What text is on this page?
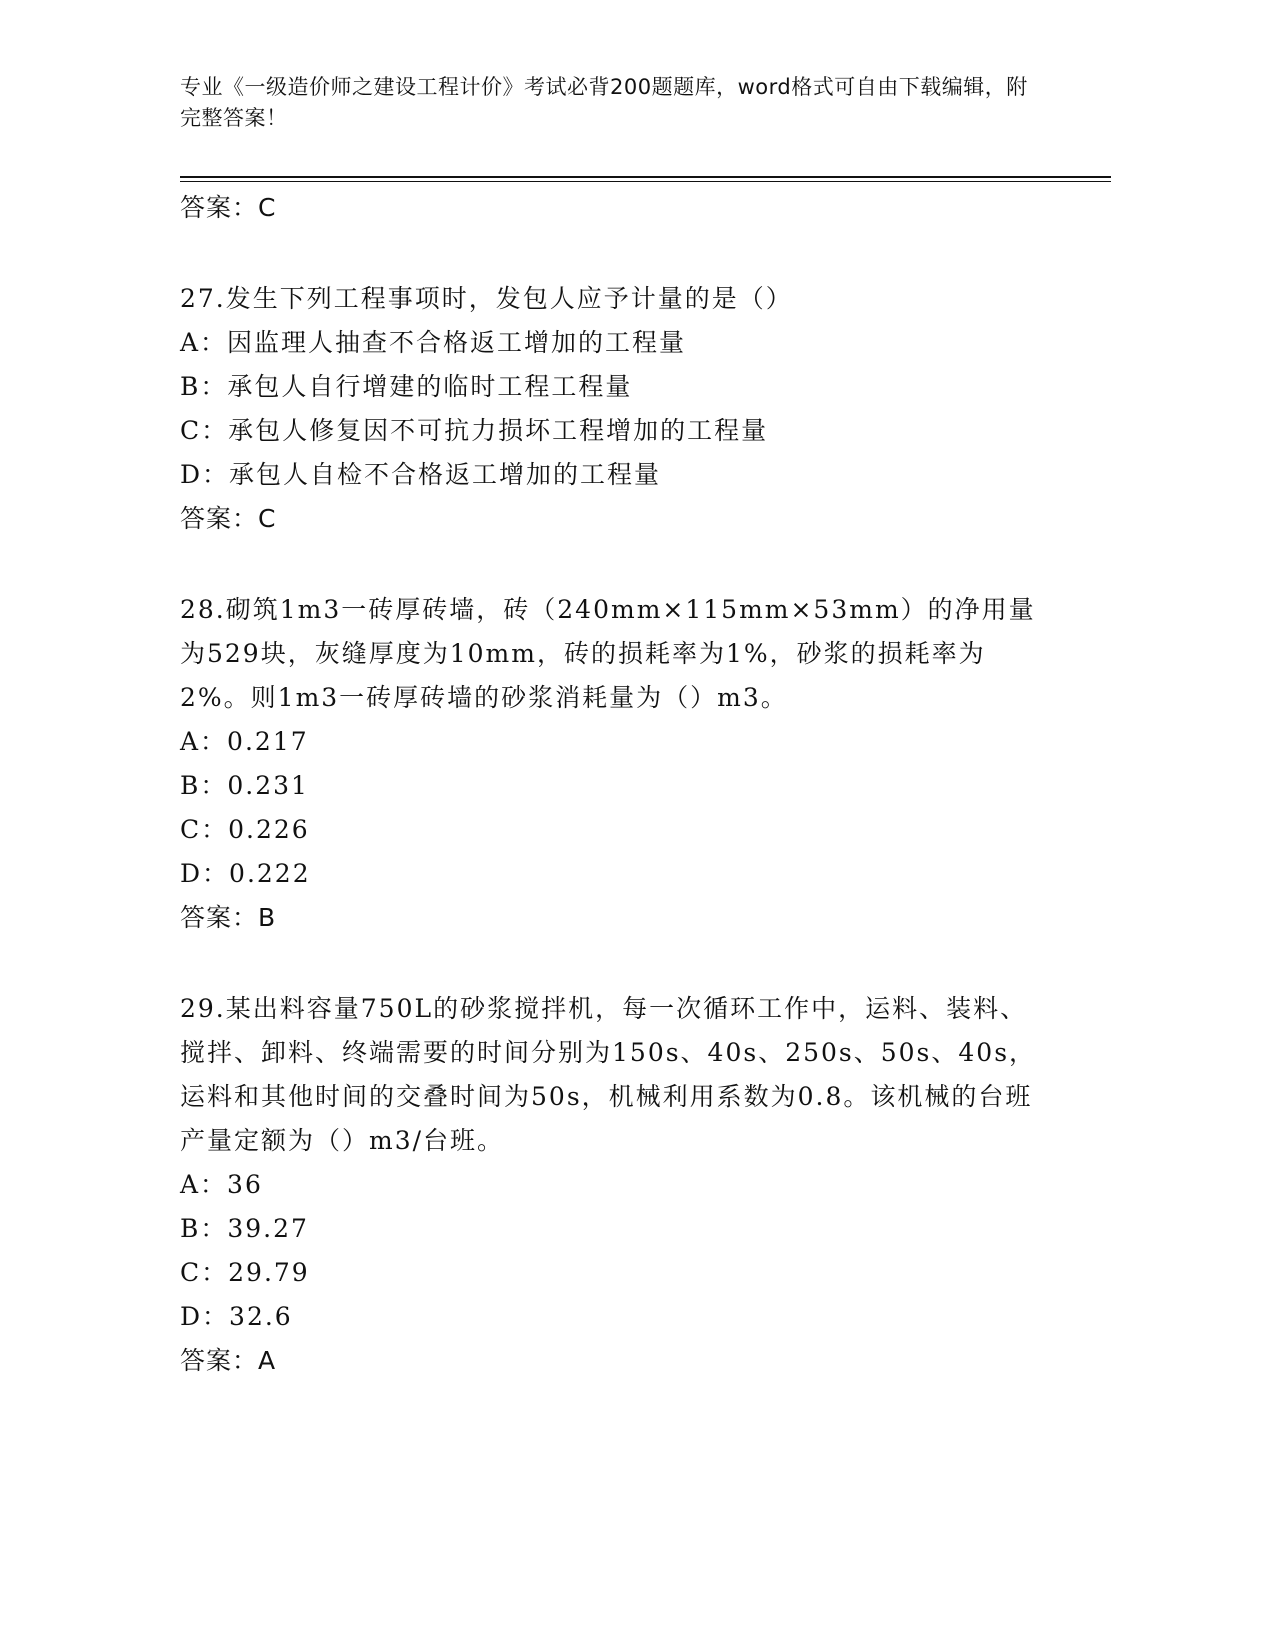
专业《一级造价师之建设工程计价》考试必背200题题库，word格式可自由下载编辑，附完整答案！
答案：C
27.发生下列工程事项时，发包人应予计量的是（）
A：因监理人抽查不合格返工增加的工程量
B：承包人自行增建的临时工程工程量
C：承包人修复因不可抗力损坏工程增加的工程量
D：承包人自检不合格返工增加的工程量
答案：C
28.砌筑1m3一砖厚砖墙，砖（240mm×115mm×53mm）的净用量为529块，灰缝厚度为10mm，砖的损耗率为1%，砂浆的损耗率为2%。则1m3一砖厚砖墙的砂浆消耗量为（）m3。
A：0.217
B：0.231
C：0.226
D：0.222
答案：B
29.某出料容量750L的砂浆搅拌机，每一次循环工作中，运料、装料、搅拌、卸料、终端需要的时间分别为150s、40s、250s、50s、40s，运料和其他时间的交叠时间为50s，机械利用系数为0.8。该机械的台班产量定额为（）m3/台班。
A：36
B：39.27
C：29.79
D：32.6
答案：A
